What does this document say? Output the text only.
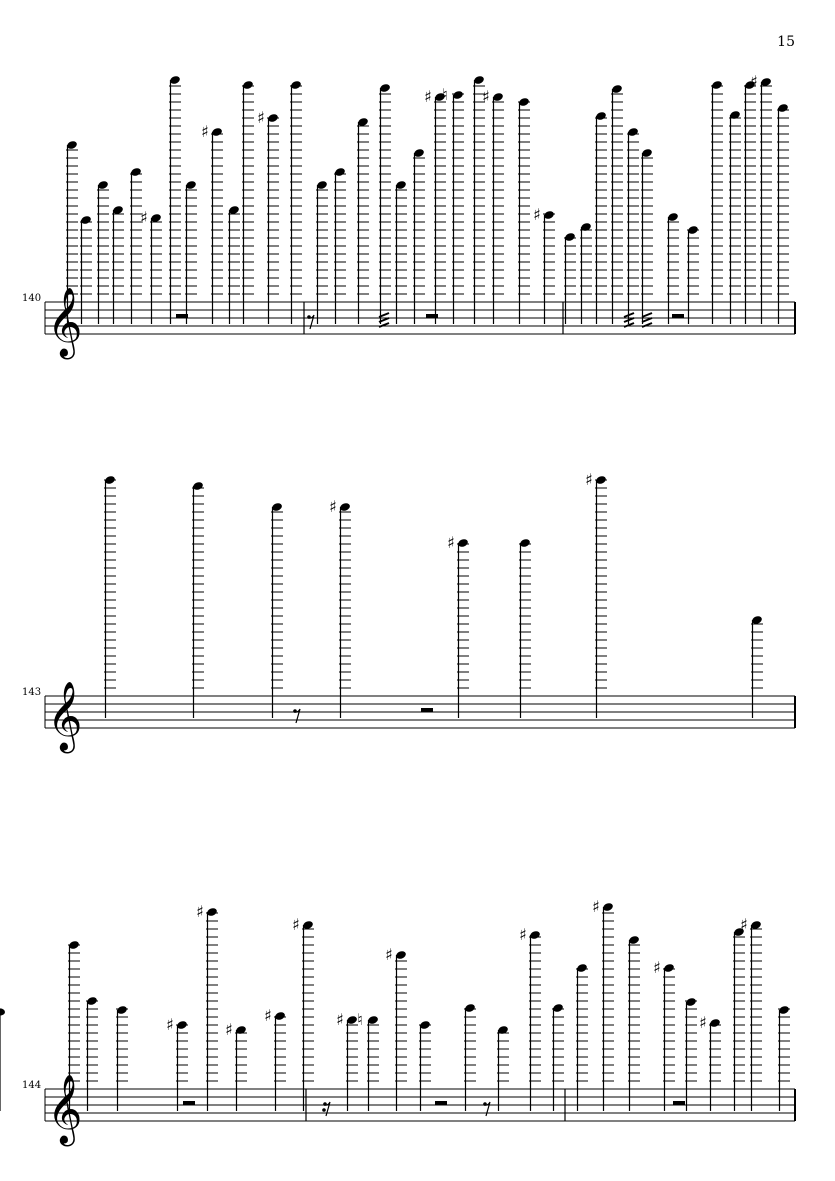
15
140 𝄞
♯
♯
♯
♯ ♮ ♯
♯
♯
143 𝄞
♯
♯
♯
144 𝄞
♯
♯
♯
♯
♯
♯ ♮
♯
♯
♯
♯
♯
♯
